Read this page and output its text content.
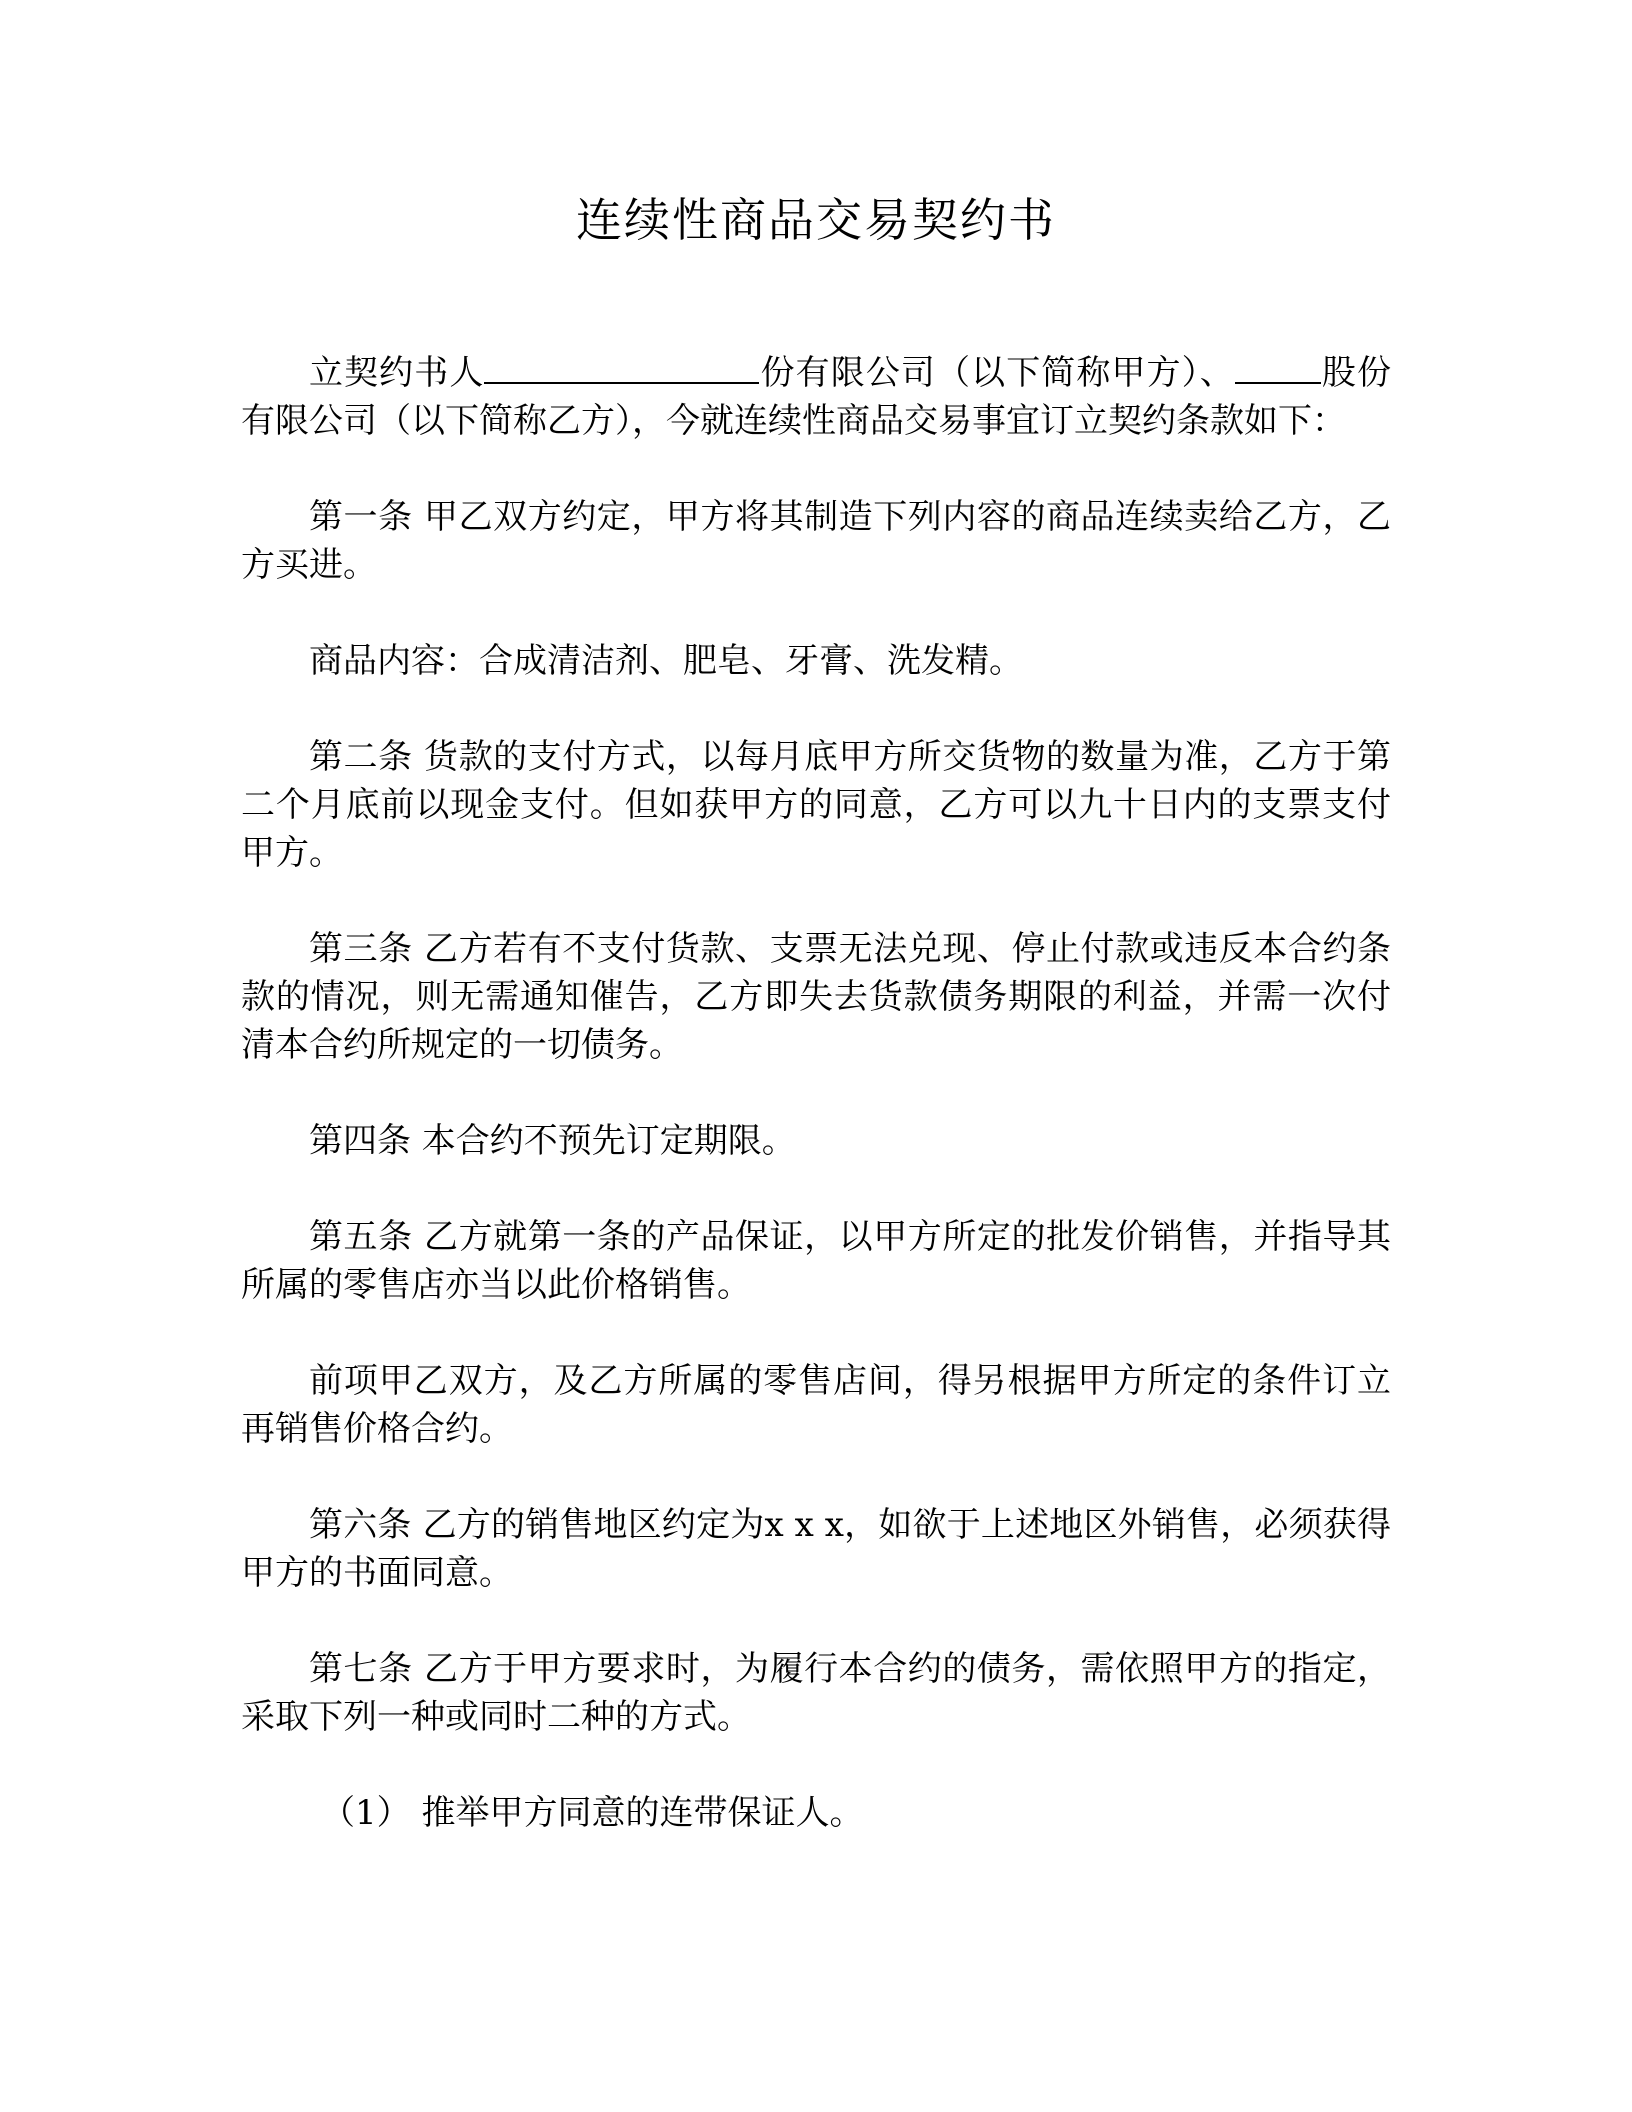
连续性商品交易契约书

立契约书人	份有限公司（以下简称甲方）、	股份有限公司（以下简称乙方），今就连续性商品交易事宜订立契约条款如下：

第一条 甲乙双方约定，甲方将其制造下列内容的商品连续卖给乙方，乙方买进。

商品内容：合成清洁剂、肥皂、牙膏、洗发精。

第二条 货款的支付方式，以每月底甲方所交货物的数量为准，乙方于第二个月底前以现金支付。但如获甲方的同意，乙方可以九十日内的支票支付甲方。

第三条 乙方若有不支付货款、支票无法兑现、停止付款或违反本合约条款的情况，则无需通知催告，乙方即失去货款债务期限的利益，并需一次付清本合约所规定的一切债务。

第四条 本合约不预先订定期限。

第五条 乙方就第一条的产品保证，以甲方所定的批发价销售，并指导其所属的零售店亦当以此价格销售。

前项甲乙双方，及乙方所属的零售店间，得另根据甲方所定的条件订立再销售价格合约。

第六条 乙方的销售地区约定为x x x，如欲于上述地区外销售，必须获得甲方的书面同意。

第七条 乙方于甲方要求时，为履行本合约的债务，需依照甲方的指定，采取下列一种或同时二种的方式。

（1） 推举甲方同意的连带保证人。
